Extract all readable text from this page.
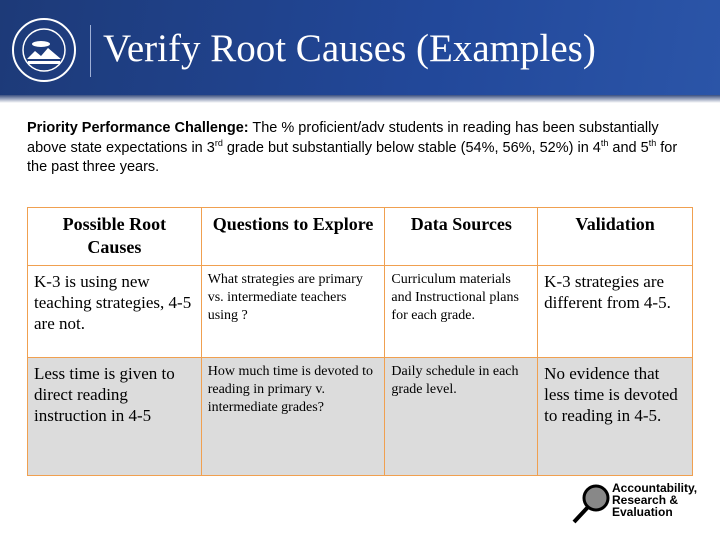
Verify Root Causes (Examples)
Priority Performance Challenge: The % proficient/adv students in reading has been substantially above state expectations in 3rd grade but substantially below stable (54%, 56%, 52%) in 4th and 5th for the past three years.
Possible Root Causes	Questions to Explore	Data Sources	Validation
K-3 is using new teaching strategies, 4-5 are not.	What strategies are primary vs. intermediate teachers using ?	Curriculum materials and Instructional plans for each grade.	K-3 strategies are different from 4-5.
Less time is given to direct reading instruction in 4-5	How much time is devoted to reading in primary v. intermediate grades?	Daily schedule in each grade level.	No evidence that less time is devoted to reading in 4-5.
Accountability,
Research &
Evaluation
